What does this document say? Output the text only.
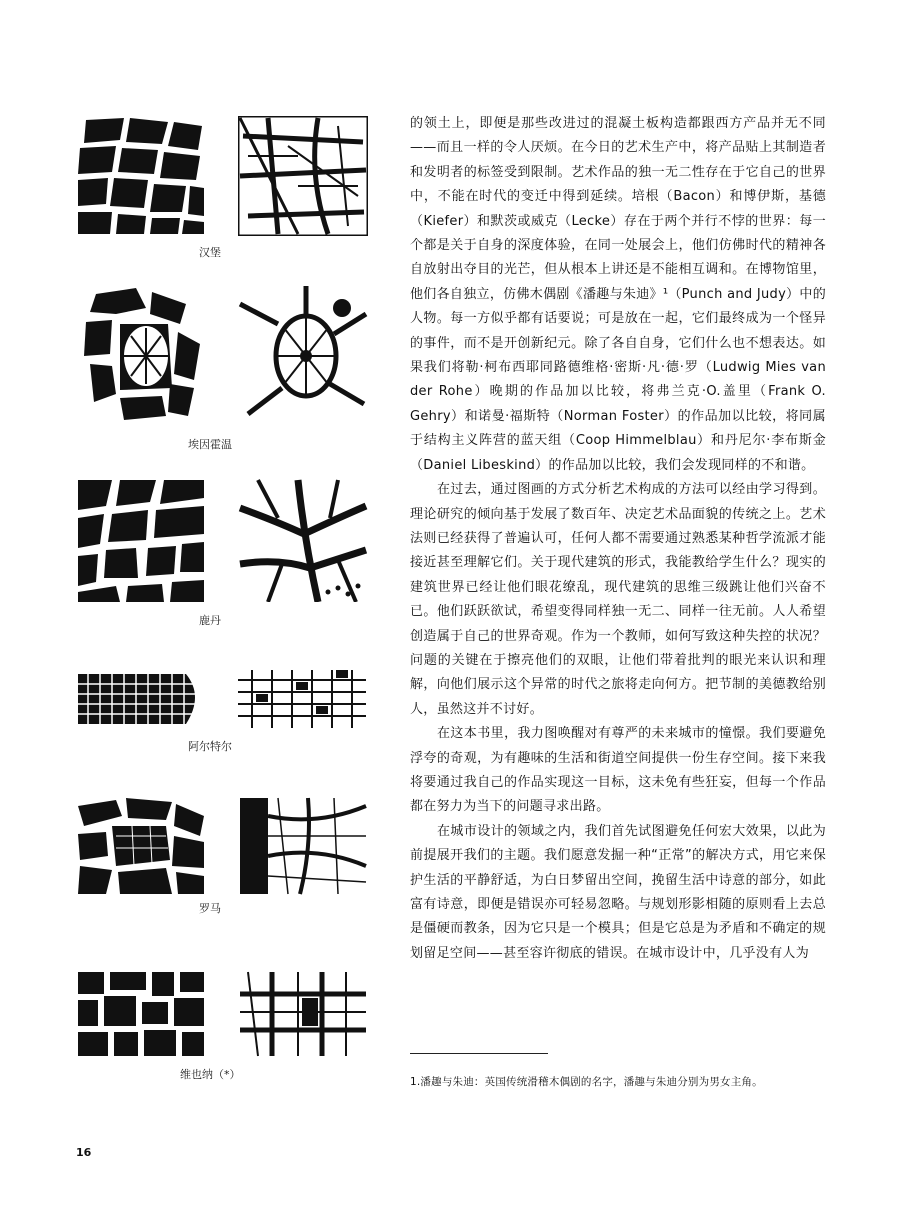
汉堡
埃因霍温
鹿丹
阿尔特尔
罗马
维也纳（*）

的领土上，即便是那些改进过的混凝土板构造都跟西方产品并无不同——而且一样的令人厌烦。在今日的艺术生产中，将产品贴上其制造者和发明者的标签受到限制。艺术作品的独一无二性存在于它自己的世界中，不能在时代的变迁中得到延续。培根（Bacon）和博伊斯，基德（Kiefer）和默茨或威克（Lecke）存在于两个并行不悖的世界：每一个都是关于自身的深度体验，在同一处展会上，他们仿佛时代的精神各自放射出夺目的光芒，但从根本上讲还是不能相互调和。在博物馆里，他们各自独立，仿佛木偶剧《潘趣与朱迪》¹（Punch and Judy）中的人物。每一方似乎都有话要说；可是放在一起，它们最终成为一个怪异的事件，而不是开创新纪元。除了各自自身，它们什么也不想表达。如果我们将勒·柯布西耶同路德维格·密斯·凡·德·罗（Ludwig Mies van der Rohe）晚期的作品加以比较，将弗兰克·O.盖里（Frank O. Gehry）和诺曼·福斯特（Norman Foster）的作品加以比较，将同属于结构主义阵营的蓝天组（Coop Himmelblau）和丹尼尔·李布斯金（Daniel Libeskind）的作品加以比较，我们会发现同样的不和谐。

在过去，通过图画的方式分析艺术构成的方法可以经由学习得到。理论研究的倾向基于发展了数百年、决定艺术品面貌的传统之上。艺术法则已经获得了普遍认可，任何人都不需要通过熟悉某种哲学流派才能接近甚至理解它们。关于现代建筑的形式，我能教给学生什么？现实的建筑世界已经让他们眼花缭乱，现代建筑的思维三级跳让他们兴奋不已。他们跃跃欲试，希望变得同样独一无二、同样一往无前。人人希望创造属于自己的世界奇观。作为一个教师，如何写致这种失控的状况？问题的关键在于擦亮他们的双眼，让他们带着批判的眼光来认识和理解，向他们展示这个异常的时代之旅将走向何方。把节制的美德教给别人，虽然这并不讨好。

在这本书里，我力图唤醒对有尊严的未来城市的憧憬。我们要避免浮夸的奇观，为有趣味的生活和街道空间提供一份生存空间。接下来我将要通过我自己的作品实现这一目标，这未免有些狂妄，但每一个作品都在努力为当下的问题寻求出路。

在城市设计的领域之内，我们首先试图避免任何宏大效果，以此为前提展开我们的主题。我们愿意发掘一种“正常”的解决方式，用它来保护生活的平静舒适，为白日梦留出空间，挽留生活中诗意的部分，如此富有诗意，即便是错误亦可轻易忽略。与规划形影相随的原则看上去总是僵硬而教条，因为它只是一个模具；但是它总是为矛盾和不确定的规划留足空间——甚至容许彻底的错误。在城市设计中，几乎没有人为

1.潘趣与朱迪：英国传统滑稽木偶剧的名字，潘趣与朱迪分别为男女主角。
16
